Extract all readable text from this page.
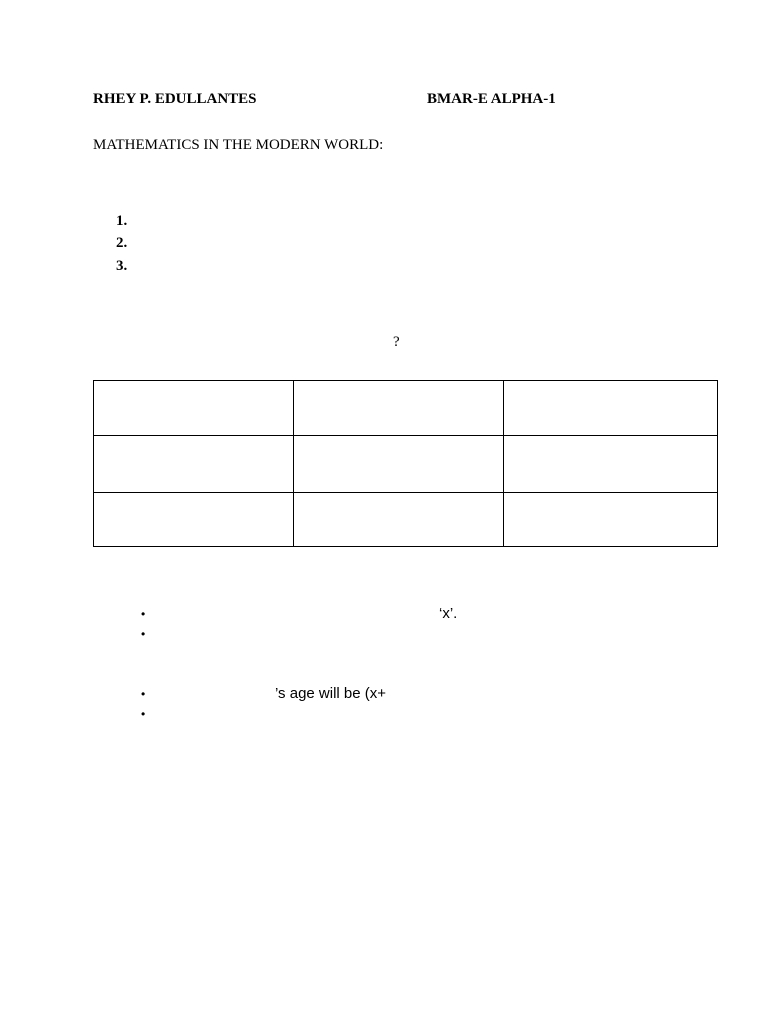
RHEY P. EDULLANTES	BMAR-E ALPHA-1
MATHEMATICS IN THE MODERN WORLD:
1.
2.
3.
?

•	‘x’.
•
•	’s age will be (x+
•
